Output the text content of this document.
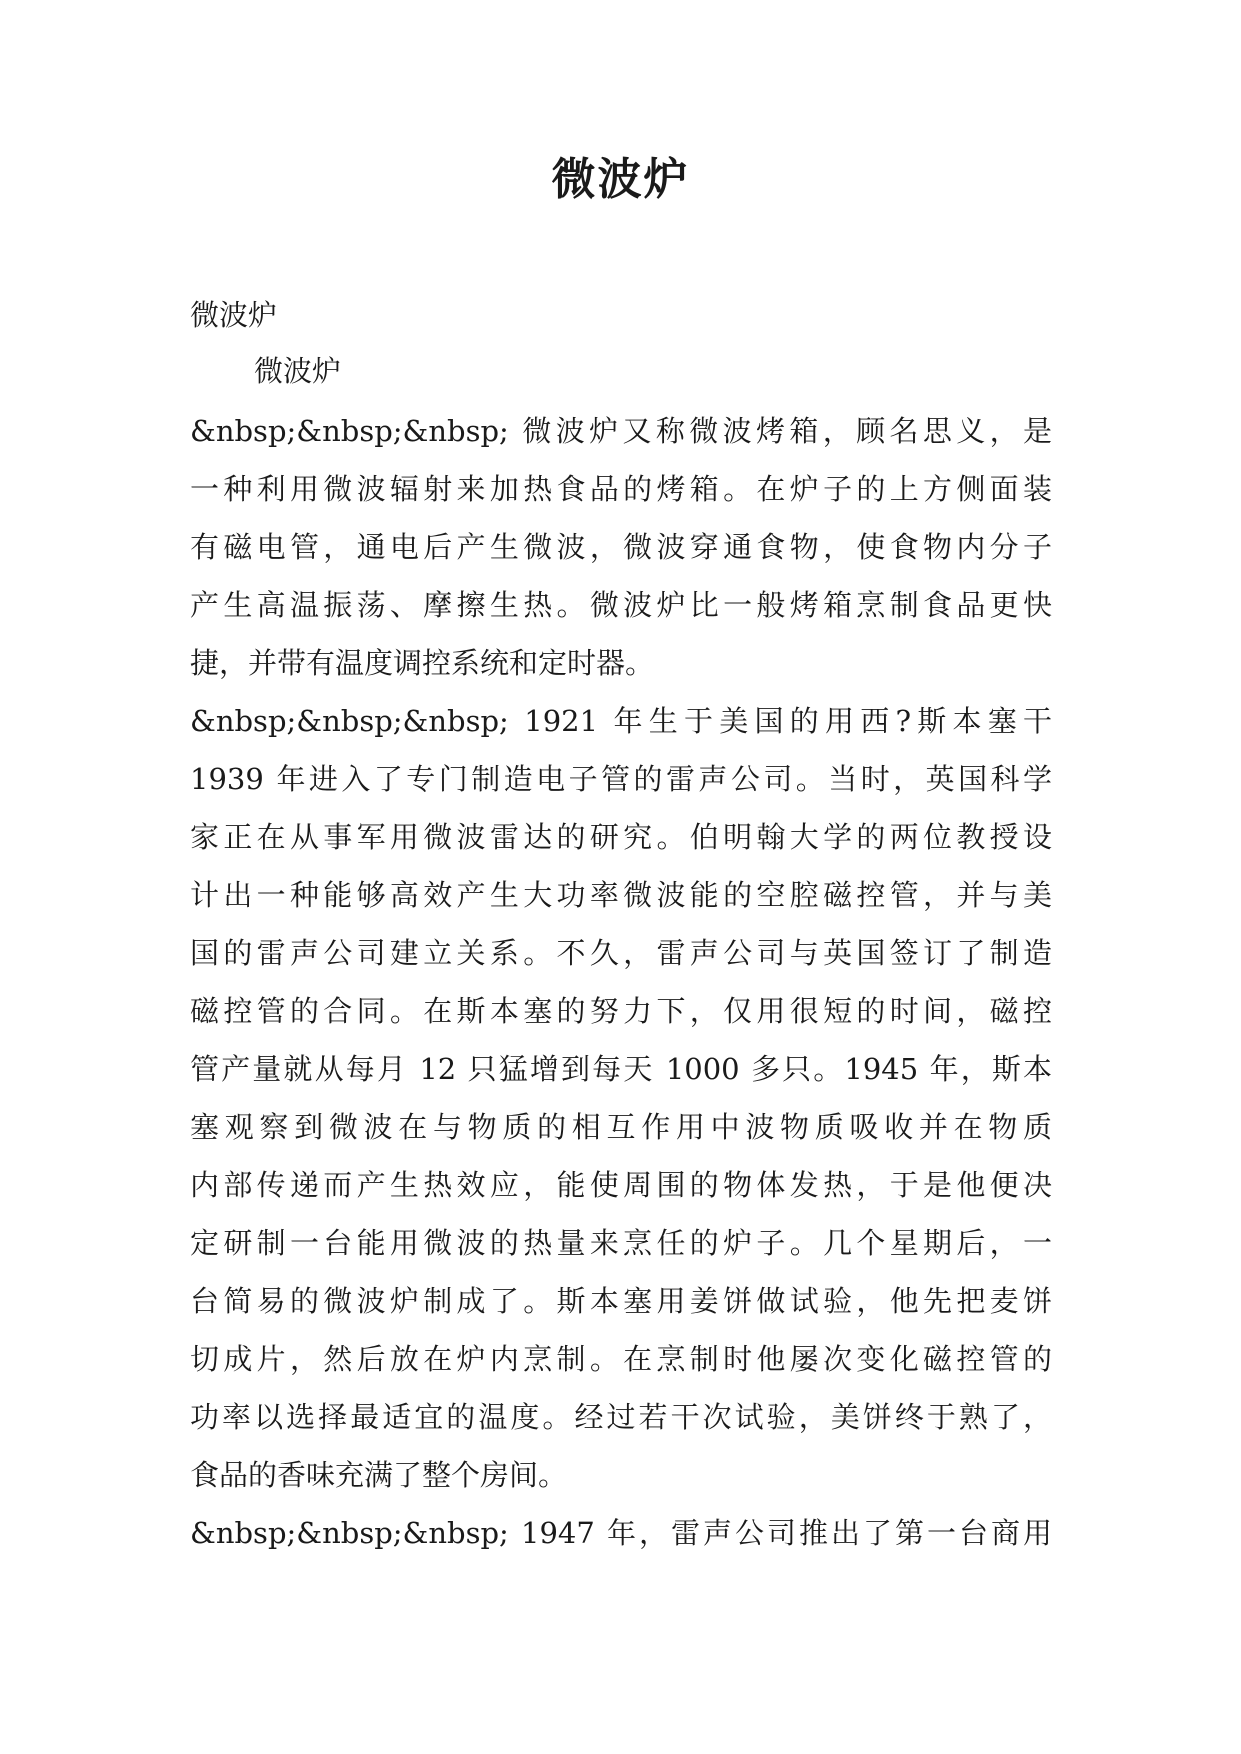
微波炉
微波炉
微波炉
&nbsp;&nbsp;&nbsp; 微波炉又称微波烤箱，顾名思义，是
一种利用微波辐射来加热食品的烤箱。在炉子的上方侧面装
有磁电管，通电后产生微波，微波穿通食物，使食物内分子
产生高温振荡、摩擦生热。微波炉比一般烤箱烹制食品更快
捷，并带有温度调控系统和定时器。
&nbsp;&nbsp;&nbsp; 1921 年生于美国的用西?斯本塞干
1939 年进入了专门制造电子管的雷声公司。当时，英国科学
家正在从事军用微波雷达的研究。伯明翰大学的两位教授设
计出一种能够高效产生大功率微波能的空腔磁控管，并与美
国的雷声公司建立关系。不久，雷声公司与英国签订了制造
磁控管的合同。在斯本塞的努力下，仅用很短的时间，磁控
管产量就从每月 12 只猛增到每天 1000 多只。1945 年，斯本
塞观察到微波在与物质的相互作用中波物质吸收并在物质
内部传递而产生热效应，能使周围的物体发热，于是他便决
定研制一台能用微波的热量来烹任的炉子。几个星期后，一
台简易的微波炉制成了。斯本塞用姜饼做试验，他先把麦饼
切成片，然后放在炉内烹制。在烹制时他屡次变化磁控管的
功率以选择最适宜的温度。经过若干次试验，美饼终于熟了，
食品的香味充满了整个房间。
&nbsp;&nbsp;&nbsp; 1947 年，雷声公司推出了第一台商用
